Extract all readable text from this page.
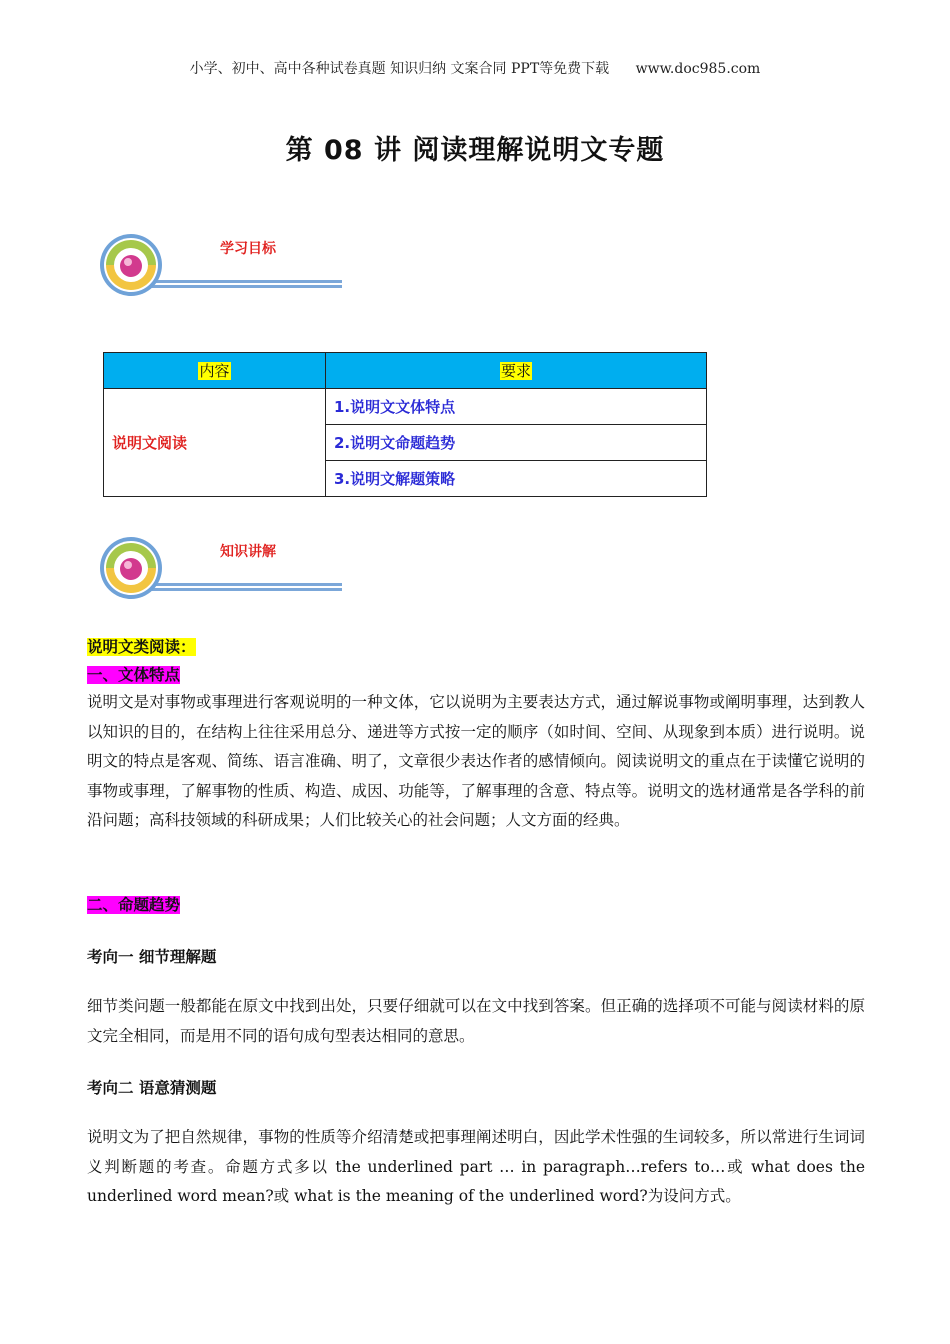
小学、初中、高中各种试卷真题 知识归纳 文案合同 PPT等免费下载 www.doc985.com
第 08 讲 阅读理解说明文专题
学习目标
内容	要求
说明文阅读	1.说明文文体特点
	2.说明文命题趋势
	3.说明文解题策略
知识讲解
说明文类阅读：
一、文体特点
说明文是对事物或事理进行客观说明的一种文体，它以说明为主要表达方式，通过解说事物或阐明事理，达到教人以知识的目的，在结构上往往采用总分、递进等方式按一定的顺序（如时间、空间、从现象到本质）进行说明。说明文的特点是客观、简练、语言准确、明了，文章很少表达作者的感情倾向。阅读说明文的重点在于读懂它说明的事物或事理，了解事物的性质、构造、成因、功能等，了解事理的含意、特点等。说明文的选材通常是各学科的前沿问题；高科技领域的科研成果；人们比较关心的社会问题；人文方面的经典。
二、命题趋势
考向一 细节理解题
细节类问题一般都能在原文中找到出处，只要仔细就可以在文中找到答案。但正确的选择项不可能与阅读材料的原文完全相同，而是用不同的语句成句型表达相同的意思。
考向二 语意猜测题
说明文为了把自然规律，事物的性质等介绍清楚或把事理阐述明白，因此学术性强的生词较多，所以常进行生词词义判断题的考查。命题方式多以 the underlined part … in paragraph…refers to…或 what does the underlined word mean?或 what is the meaning of the underlined word?为设问方式。
